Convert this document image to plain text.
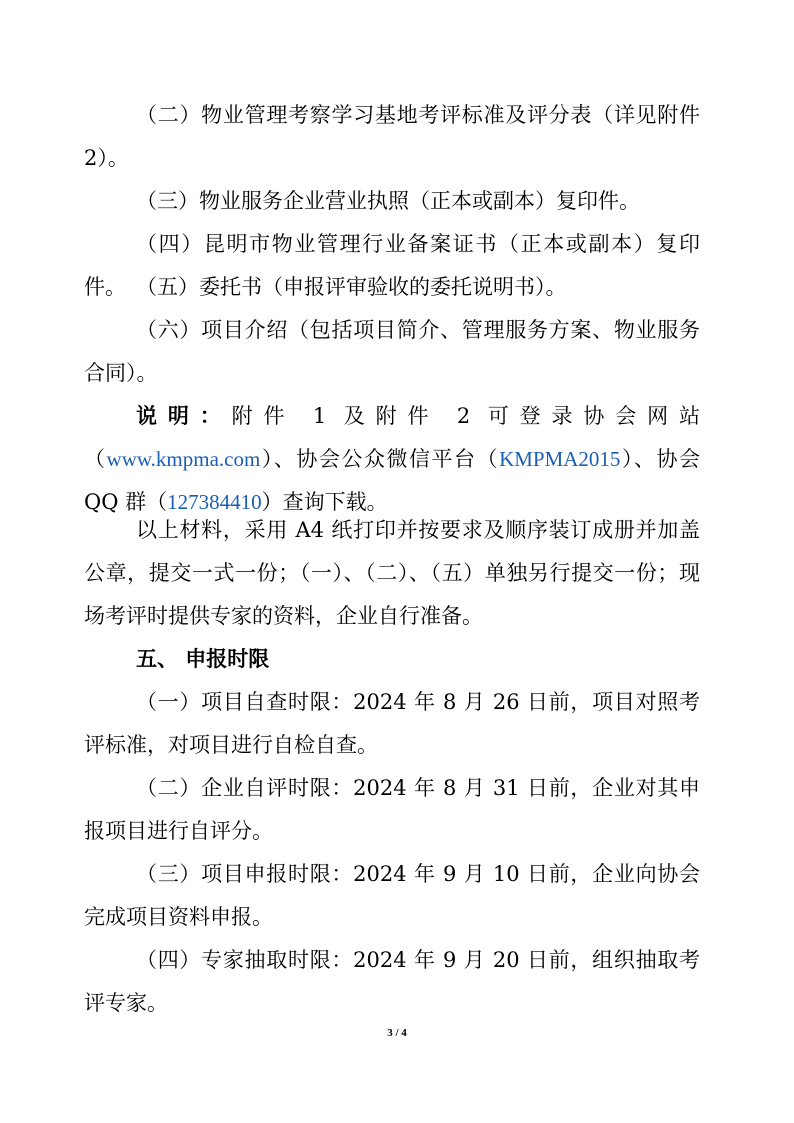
（二）物业管理考察学习基地考评标准及评分表（详见附件2）。

（三）物业服务企业营业执照（正本或副本）复印件。

（四）昆明市物业管理行业备案证书（正本或副本）复印件。 （五）委托书（申报评审验收的委托说明书）。

（六）项目介绍（包括项目简介、管理服务方案、物业服务合同）。

说明：附件 1 及附件 2 可登录协会网站（www.kmpma.com）、协会公众微信平台（KMPMA2015）、协会 QQ 群（127384410）查询下载。

以上材料，采用 A4 纸打印并按要求及顺序装订成册并加盖公章，提交一式一份；（一）、（二）、（五）单独另行提交一份；现场考评时提供专家的资料，企业自行准备。

五、 申报时限

（一）项目自查时限：2024 年 8 月 26 日前，项目对照考评标准，对项目进行自检自查。

（二）企业自评时限：2024 年 8 月 31 日前，企业对其申报项目进行自评分。

（三）项目申报时限：2024 年 9 月 10 日前，企业向协会完成项目资料申报。

（四）专家抽取时限：2024 年 9 月 20 日前，组织抽取考评专家。

3 / 4
